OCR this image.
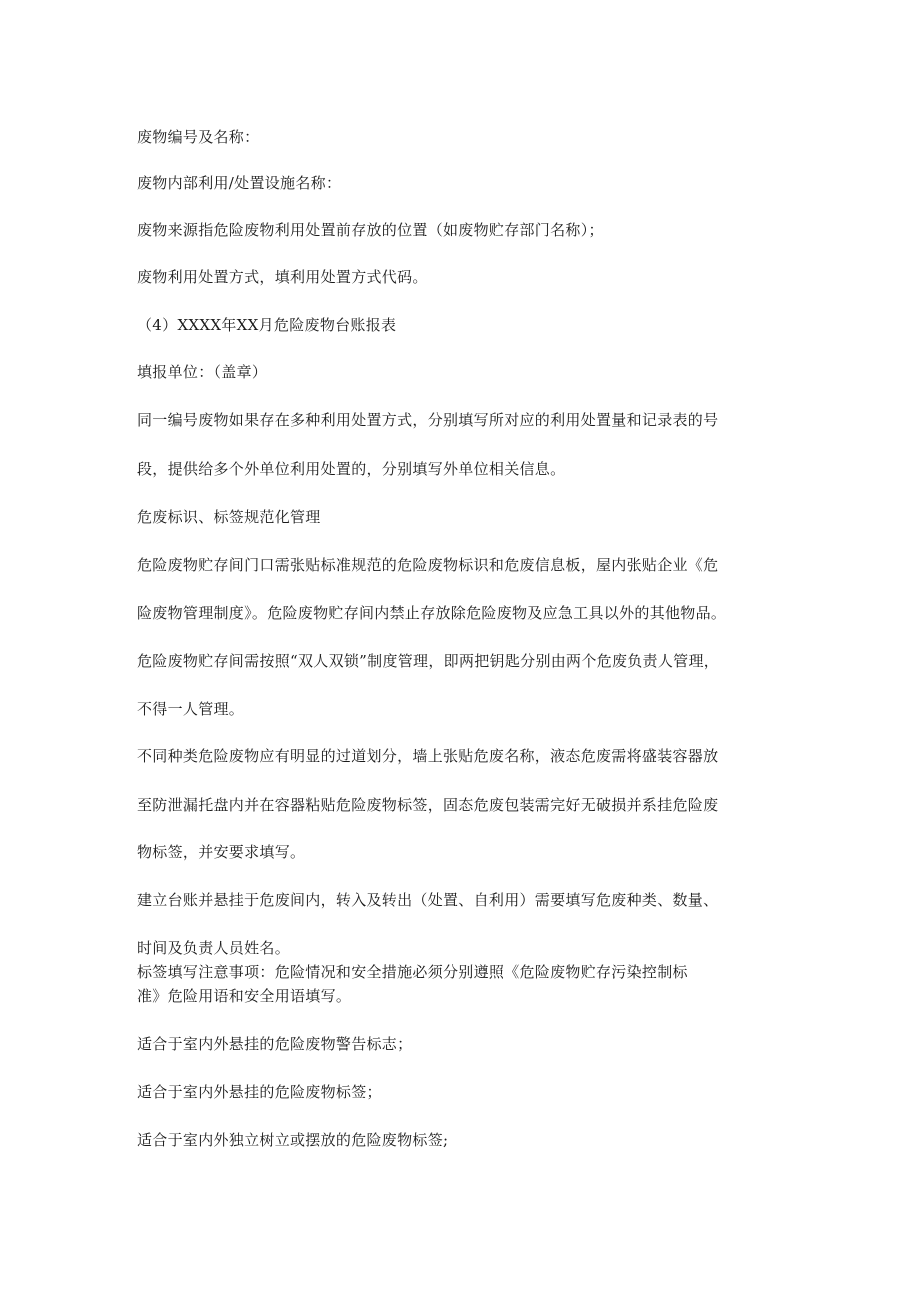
废物编号及名称：
废物内部利用/处置设施名称：
废物来源指危险废物利用处置前存放的位置（如废物贮存部门名称）；
废物利用处置方式，填利用处置方式代码。
（4）XXXX年XX月危险废物台账报表
填报单位：（盖章）
同一编号废物如果存在多种利用处置方式，分别填写所对应的利用处置量和记录表的号
段，提供给多个外单位利用处置的，分别填写外单位相关信息。
危废标识、标签规范化管理
危险废物贮存间门口需张贴标准规范的危险废物标识和危废信息板，屋内张贴企业《危
险废物管理制度》。危险废物贮存间内禁止存放除危险废物及应急工具以外的其他物品。
危险废物贮存间需按照“双人双锁”制度管理，即两把钥匙分别由两个危废负责人管理，
不得一人管理。
不同种类危险废物应有明显的过道划分，墙上张贴危废名称，液态危废需将盛装容器放
至防泄漏托盘内并在容器粘贴危险废物标签，固态危废包装需完好无破损并系挂危险废
物标签，并安要求填写。
建立台账并悬挂于危废间内，转入及转出（处置、自利用）需要填写危废种类、数量、
时间及负责人员姓名。
标签填写注意事项：危险情况和安全措施必须分别遵照《危险废物贮存污染控制标
准》危险用语和安全用语填写。
适合于室内外悬挂的危险废物警告标志；
适合于室内外悬挂的危险废物标签；
适合于室内外独立树立或摆放的危险废物标签;
